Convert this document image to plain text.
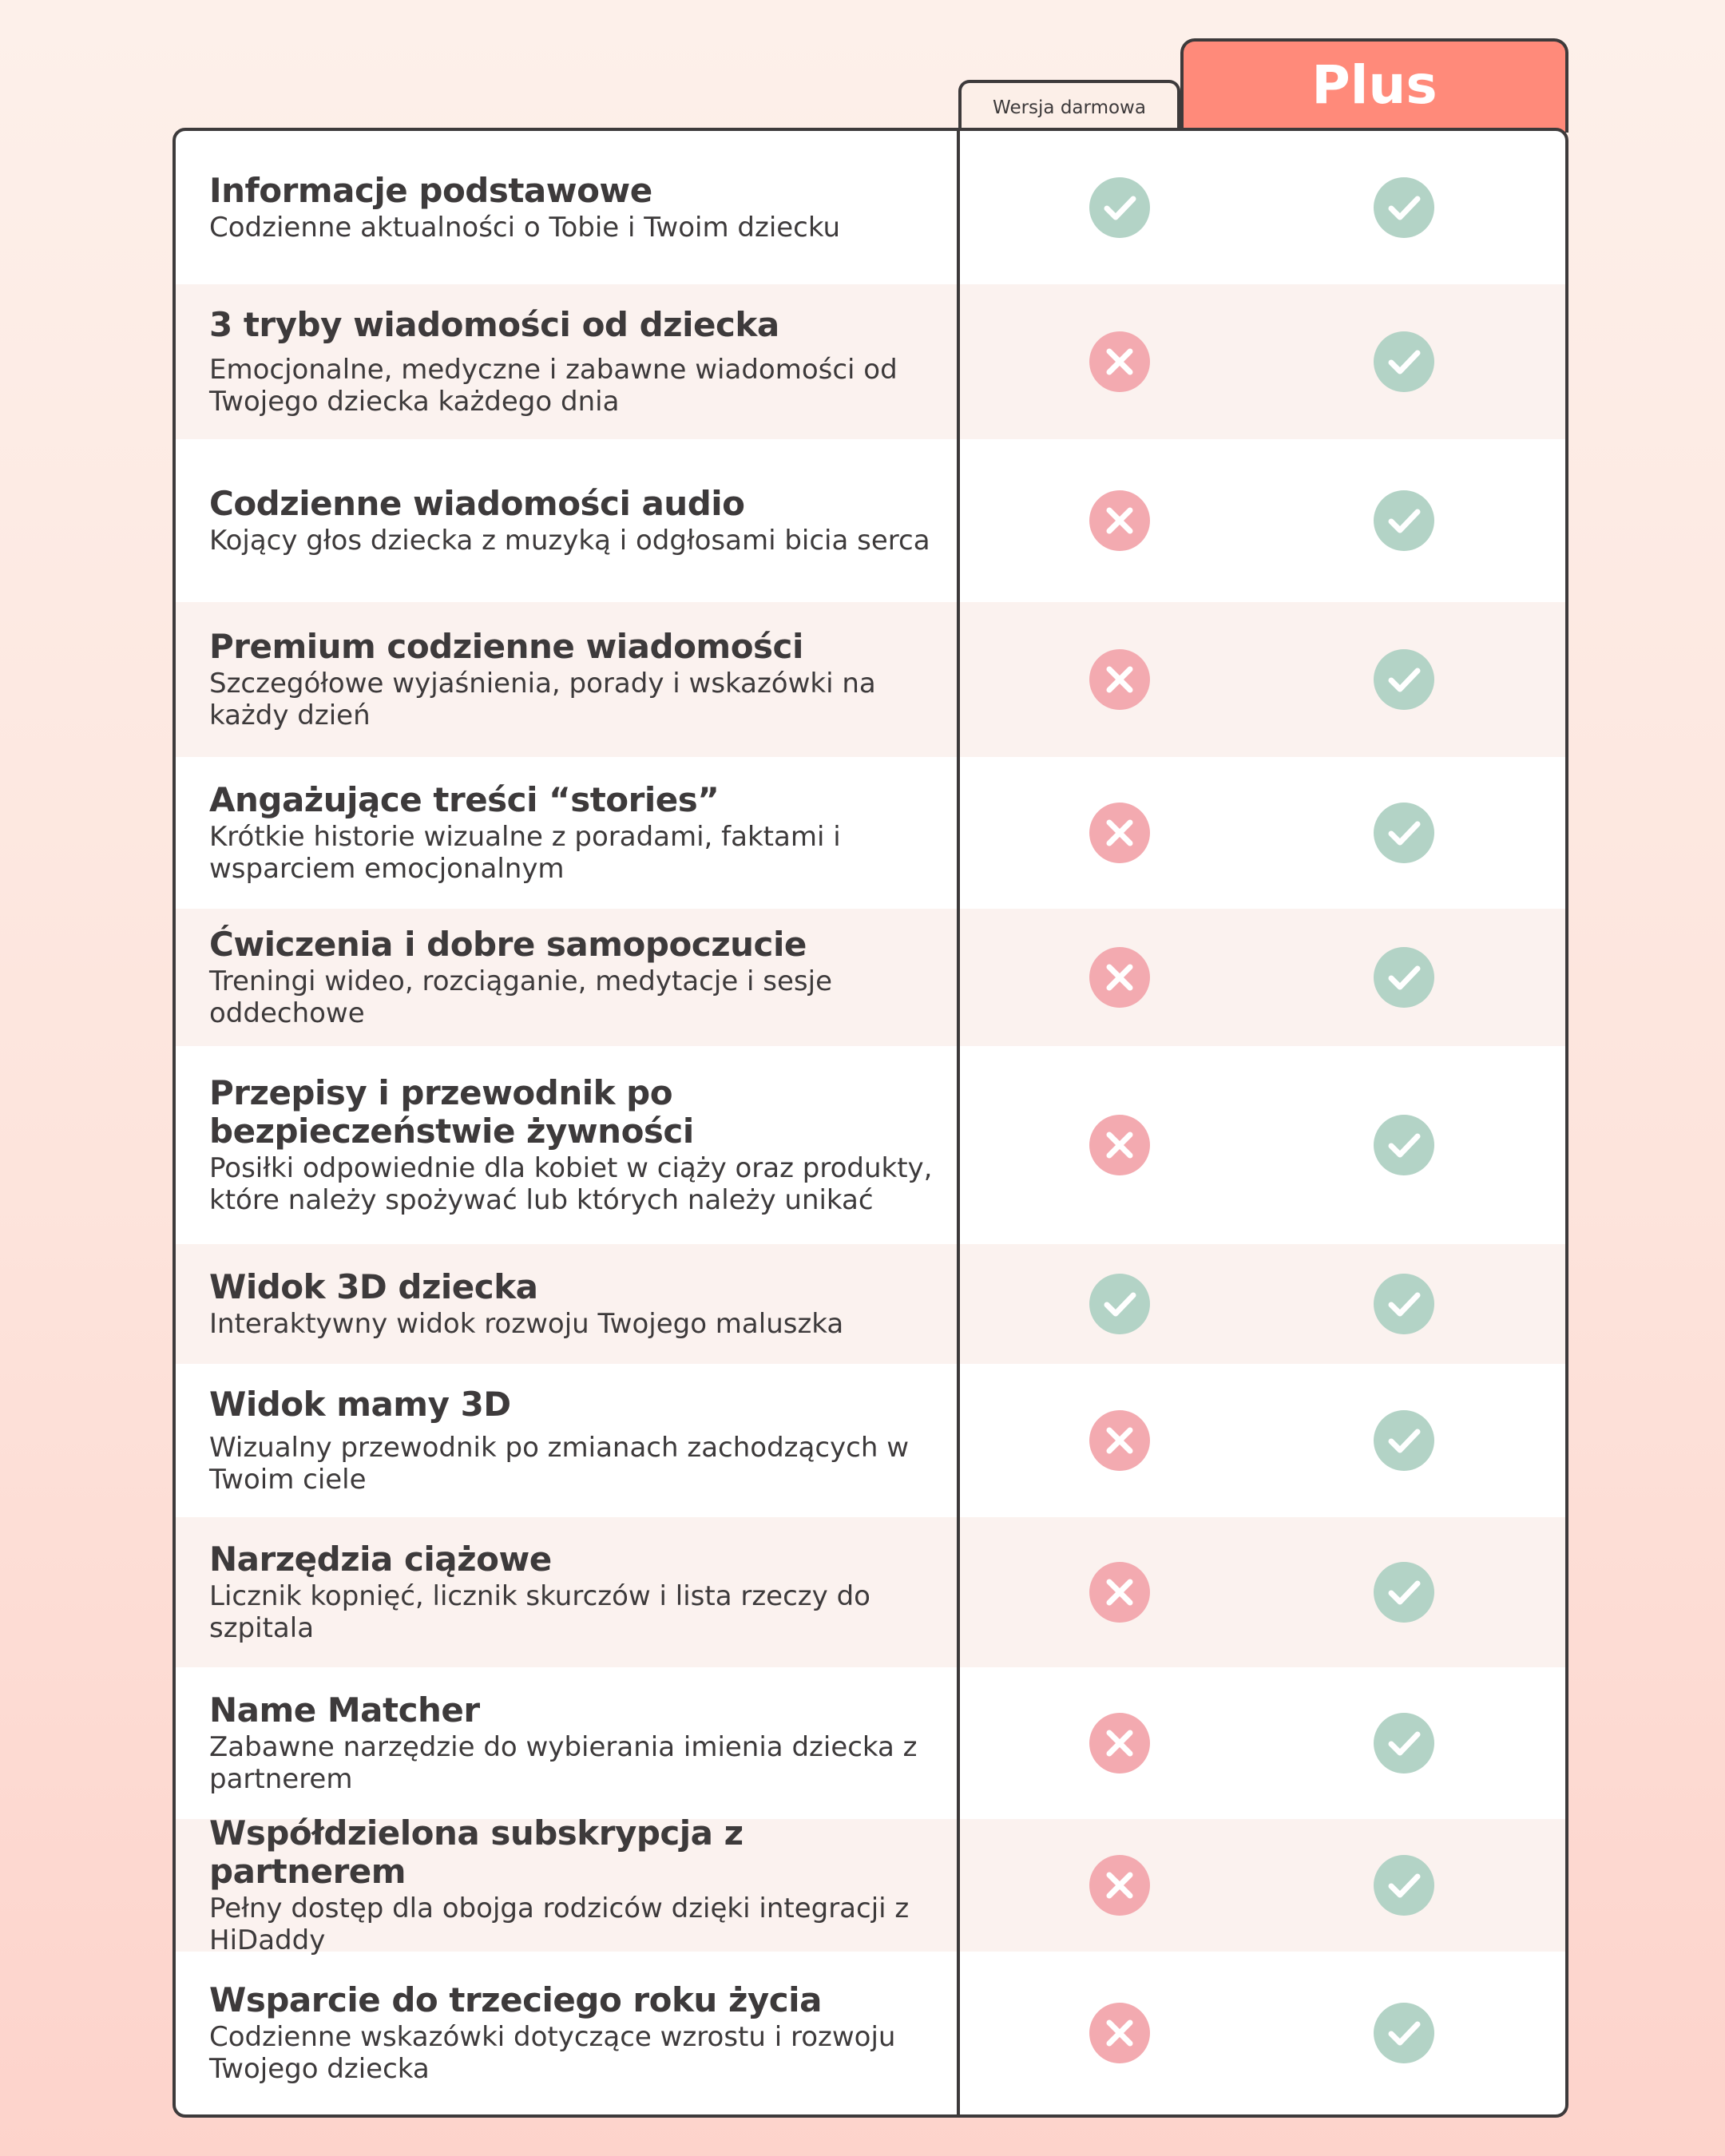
Wersja darmowa	Plus
Informacje podstawowe
Codzienne aktualności o Tobie i Twoim dziecku
3 tryby wiadomości od dziecka
Emocjonalne, medyczne i zabawne wiadomości od Twojego dziecka każdego dnia
Codzienne wiadomości audio
Kojący głos dziecka z muzyką i odgłosami bicia serca
Premium codzienne wiadomości
Szczegółowe wyjaśnienia, porady i wskazówki na każdy dzień
Angażujące treści “stories”
Krótkie historie wizualne z poradami, faktami i wsparciem emocjonalnym
Ćwiczenia i dobre samopoczucie
Treningi wideo, rozciąganie, medytacje i sesje oddechowe
Przepisy i przewodnik po bezpieczeństwie żywności
Posiłki odpowiednie dla kobiet w ciąży oraz produkty, które należy spożywać lub których należy unikać
Widok 3D dziecka
Interaktywny widok rozwoju Twojego maluszka
Widok mamy 3D
Wizualny przewodnik po zmianach zachodzących w Twoim ciele
Narzędzia ciążowe
Licznik kopnięć, licznik skurczów i lista rzeczy do szpitala
Name Matcher
Zabawne narzędzie do wybierania imienia dziecka z partnerem
Współdzielona subskrypcja z partnerem
Pełny dostęp dla obojga rodziców dzięki integracji z HiDaddy
Wsparcie do trzeciego roku życia
Codzienne wskazówki dotyczące wzrostu i rozwoju Twojego dziecka
